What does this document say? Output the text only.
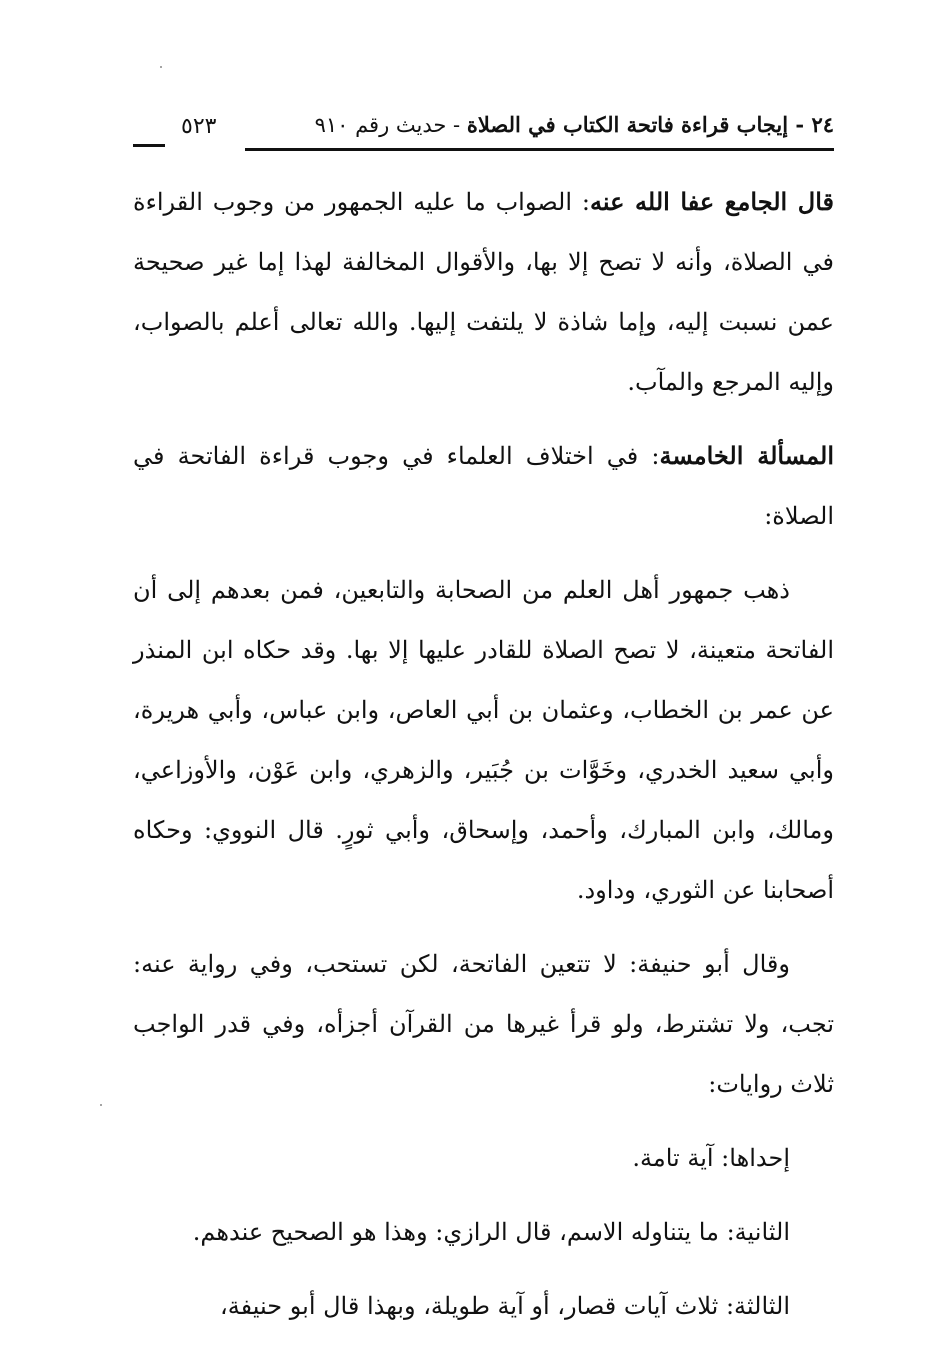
٥٢٣	٢٤ - إيجاب قراءة فاتحة الكتاب في الصلاة - حديث رقم ٩١٠

قال الجامع عفا الله عنه: الصواب ما عليه الجمهور من وجوب القراءة في الصلاة، وأنه لا تصح إلا بها، والأقوال المخالفة لهذا إما غير صحيحة عمن نسبت إليه، وإما شاذة لا يلتفت إليها. والله تعالى أعلم بالصواب، وإليه المرجع والمآب.

المسألة الخامسة: في اختلاف العلماء في وجوب قراءة الفاتحة في الصلاة:

ذهب جمهور أهل العلم من الصحابة والتابعين، فمن بعدهم إلى أن الفاتحة متعينة، لا تصح الصلاة للقادر عليها إلا بها. وقد حكاه ابن المنذر عن عمر بن الخطاب، وعثمان بن أبي العاص، وابن عباس، وأبي هريرة، وأبي سعيد الخدري، وخَوَّات بن جُبَير، والزهري، وابن عَوْن، والأوزاعي، ومالك، وابن المبارك، وأحمد، وإسحاق، وأبي ثورٍ. قال النووي: وحكاه أصحابنا عن الثوري، وداود.

وقال أبو حنيفة: لا تتعين الفاتحة، لكن تستحب، وفي رواية عنه: تجب، ولا تشترط، ولو قرأ غيرها من القرآن أجزأه، وفي قدر الواجب ثلاث روايات:

إحداها: آية تامة.

الثانية: ما يتناوله الاسم، قال الرازي: وهذا هو الصحيح عندهم.

الثالثة: ثلاث آيات قصار، أو آية طويلة، وبهذا قال أبو حنيفة،
